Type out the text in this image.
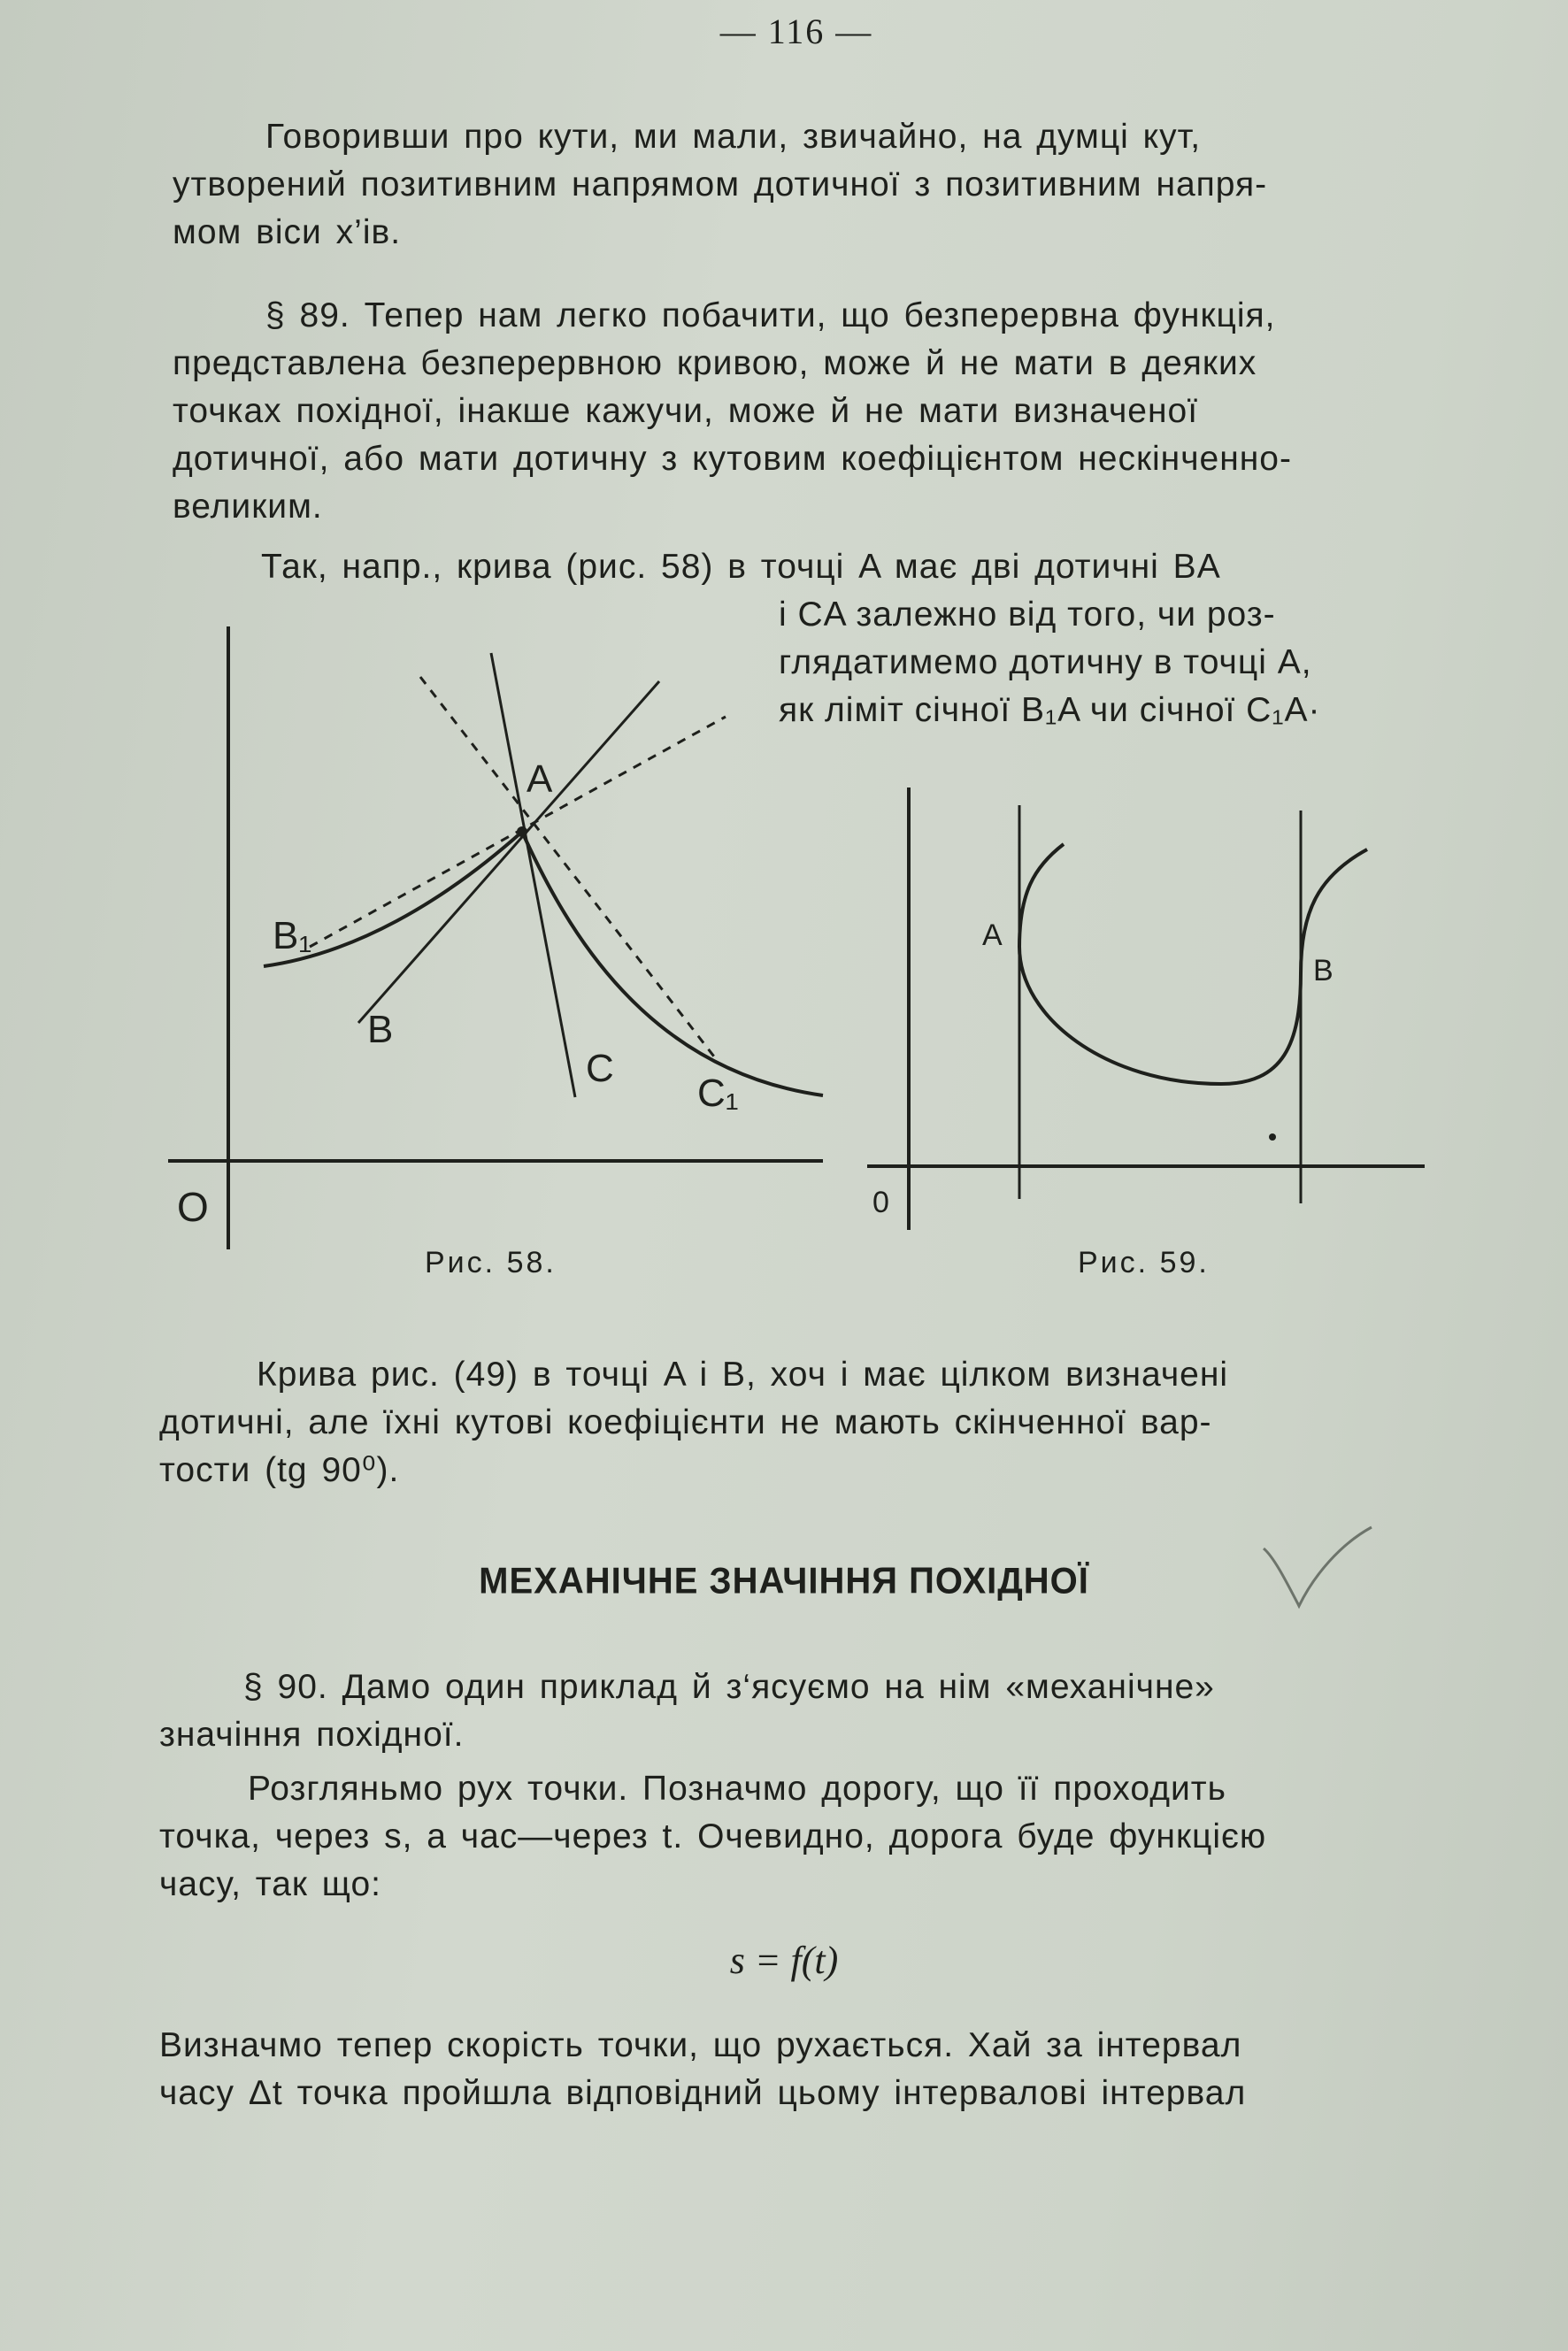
— 116 —
Говоривши про кути, ми мали, звичайно, на думці кут,
утворений позитивним напрямом дотичної з позитивним напря-
мом віси x’ів.
§ 89. Тепер нам легко побачити, що безперервна функція,
представлена безперервною кривою, може й не мати в деяких
точках похідної, інакше кажучи, може й не мати визначеної
дотичної, або мати дотичну з кутовим коефіцієнтом нескінченно-
великим.
Так, напр., крива (рис. 58) в точці A має дві дотичні BA
і CA залежно від того, чи роз-
глядатимемо дотичну в точці A,
як ліміт січної B₁A чи січної C₁A·
A
B₁
B
C
C₁
O
Рис. 58.
A
B
0
Рис. 59.
Крива рис. (49) в точці A і B, хоч і має цілком визначені
дотичні, але їхні кутові коефіцієнти не мають скінченної вар-
тости (tg 90⁰).
МЕХАНІЧНЕ ЗНАЧІННЯ ПОХІДНОЇ
§ 90. Дамо один приклад й з‘ясуємо на нім «механічне»
значіння похідної.
Розгляньмо рух точки. Позначмо дорогу, що її проходить
точка, через s, а час—через t. Очевидно, дорога буде функцією
часу, так що:
s = f(t)
Визначмо тепер скорість точки, що рухається. Хай за інтервал
часу Δt точка пройшла відповідний цьому інтервалові інтервал
